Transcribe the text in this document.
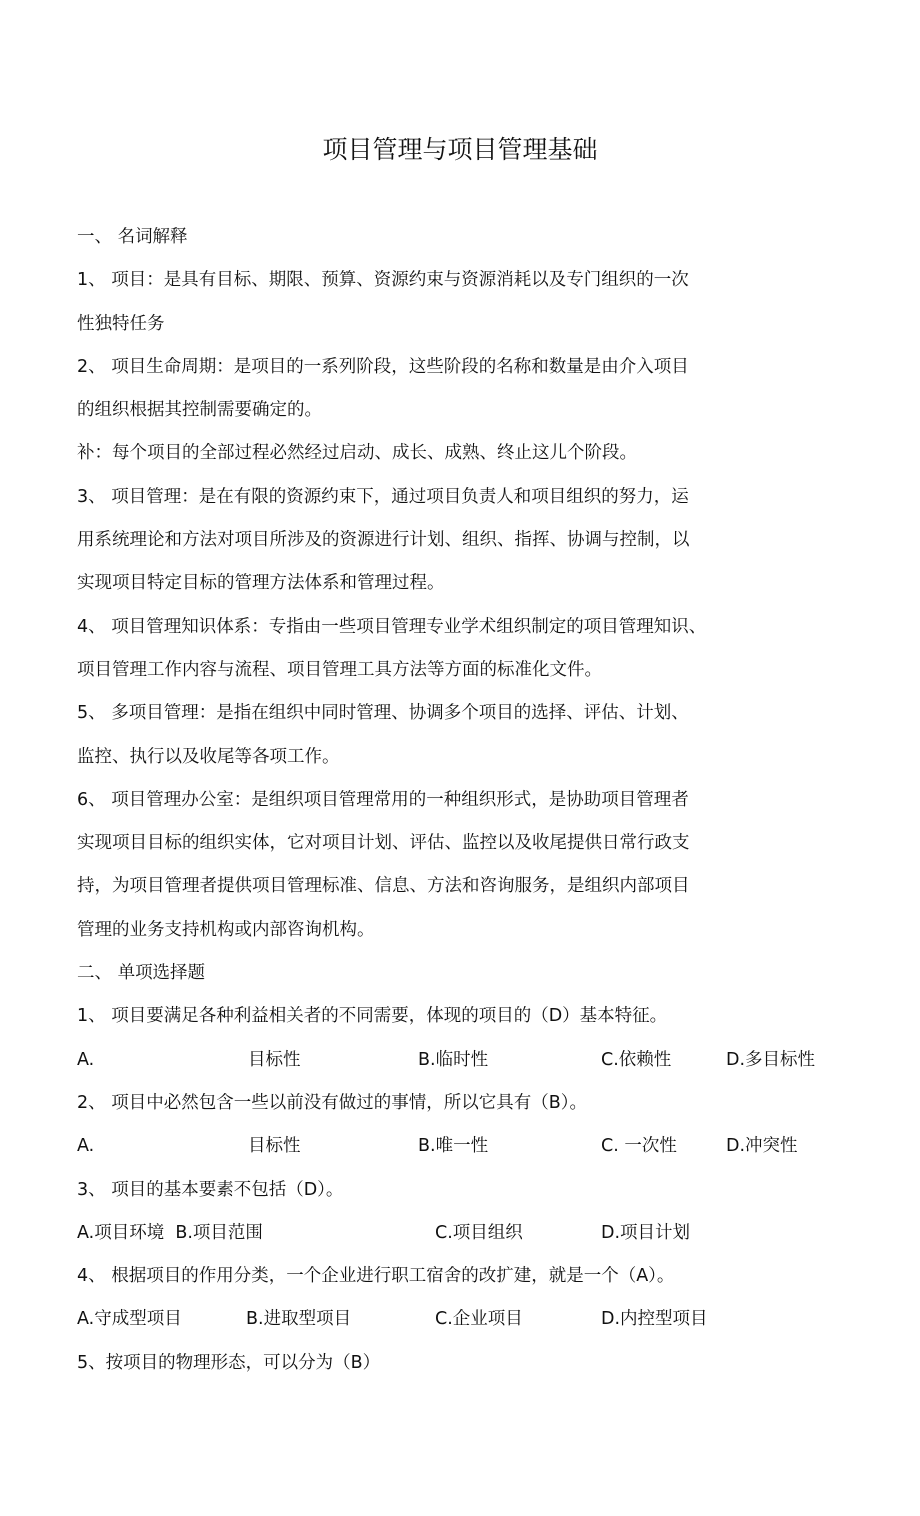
项目管理与项目管理基础
一、 名词解释
1、 项目：是具有目标、期限、预算、资源约束与资源消耗以及专门组织的一次
性独特任务
2、 项目生命周期：是项目的一系列阶段，这些阶段的名称和数量是由介入项目
的组织根据其控制需要确定的。
补：每个项目的全部过程必然经过启动、成长、成熟、终止这儿个阶段。
3、 项目管理：是在有限的资源约束下，通过项目负责人和项目组织的努力，运
用系统理论和方法对项目所涉及的资源进行计划、组织、指挥、协调与控制，以
实现项目特定目标的管理方法体系和管理过程。
4、 项目管理知识体系：专指由一些项目管理专业学术组织制定的项目管理知识、
项目管理工作内容与流程、项目管理工具方法等方面的标准化文件。
5、 多项目管理：是指在组织中同时管理、协调多个项目的选择、评估、计划、
监控、执行以及收尾等各项工作。
6、 项目管理办公室：是组织项目管理常用的一种组织形式，是协助项目管理者
实现项目目标的组织实体，它对项目计划、评估、监控以及收尾提供日常行政支
持，为项目管理者提供项目管理标准、信息、方法和咨询服务，是组织内部项目
管理的业务支持机构或内部咨询机构。
二、 单项选择题
1、 项目要满足各种利益相关者的不同需要，体现的项目的（D）基本特征。
A.	目标性	B.临时性	C.依赖性	D.多目标性
2、 项目中必然包含一些以前没有做过的事情，所以它具有（B）。
A.	目标性	B.唯一性	C. 一次性	D.冲突性
3、 项目的基本要素不包括（D）。
A.项目环境  B.项目范围	C.项目组织	D.项目计划
4、 根据项目的作用分类，一个企业进行职工宿舍的改扩建，就是一个（A）。
A.守成型项目	B.进取型项目	C.企业项目	D.内控型项目
5、按项目的物理形态，可以分为（B）
